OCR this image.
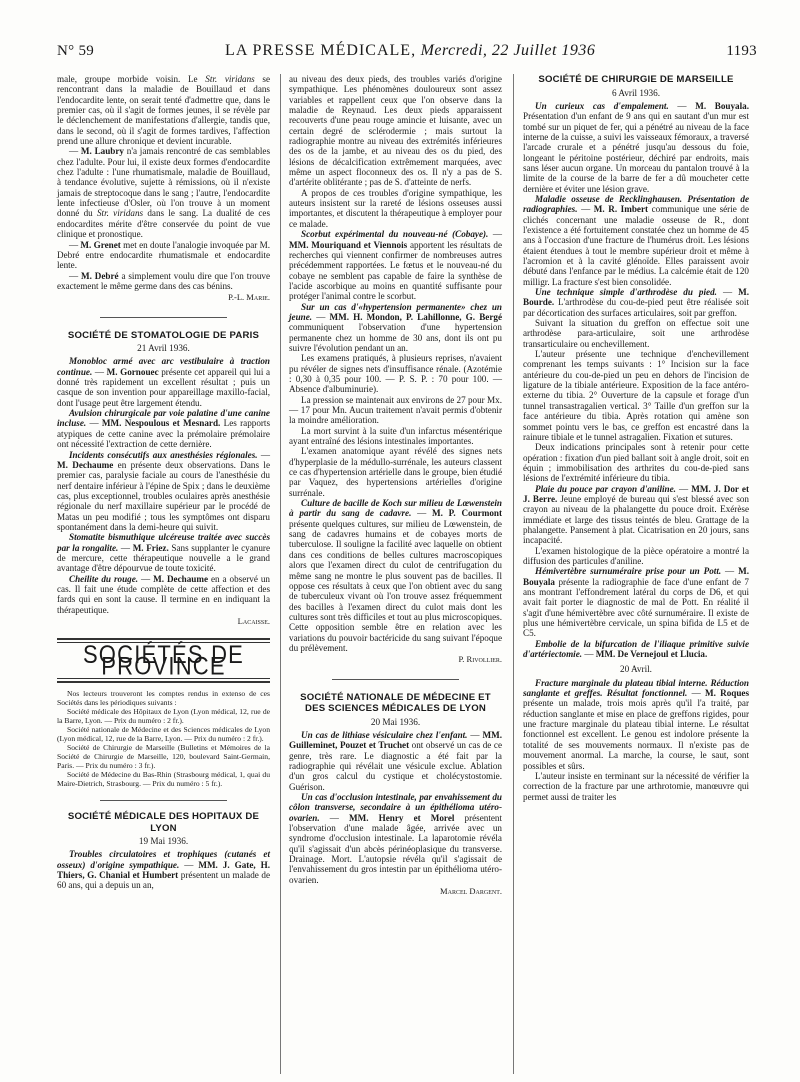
N° 59	LA PRESSE MÉDICALE, Mercredi, 22 Juillet 1936	1193

male, groupe morbide voisin. Le Str. viridans se rencontrant dans la maladie de Bouillaud et dans l'endocardite lente, on serait tenté d'admettre que, dans le premier cas, où il s'agit de formes jeunes, il se révèle par le déclenchement de manifestations d'allergie, tandis que, dans le second, où il s'agit de formes tardives, l'affection prend une allure chronique et devient incurable.

— M. Laubry n'a jamais rencontré de cas semblables chez l'adulte. Pour lui, il existe deux formes d'endocardite chez l'adulte : l'une rhumatismale, maladie de Bouillaud, à tendance évolutive, sujette à rémissions, où il n'existe jamais de streptocoque dans le sang ; l'autre, l'endocardite lente infectieuse d'Osler, où l'on trouve à un moment donné du Str. viridans dans le sang. La dualité de ces endocardites mérite d'être conservée du point de vue clinique et pronostique.

— M. Grenet met en doute l'analogie invoquée par M. Debré entre endocardite rhumatismale et endocardite lente.

— M. Debré a simplement voulu dire que l'on trouve exactement le même germe dans des cas bénins.

P.-L. Marie.
SOCIÉTÉ DE STOMATOLOGIE DE PARIS
21 Avril 1936.

Monobloc armé avec arc vestibulaire à traction continue. — M. Gornouec présente cet appareil qui lui a donné très rapidement un excellent résultat ; puis un casque de son invention pour appareillage maxillo-facial, dont l'usage peut être largement étendu.

Avulsion chirurgicale par voie palatine d'une canine incluse. — MM. Nespoulous et Mesnard. Les rapports atypiques de cette canine avec la prémolaire prémolaire ont nécessité l'extraction de cette dernière.

Incidents consécutifs aux anesthésies régionales. — M. Dechaume en présente deux observations. Dans le premier cas, paralysie faciale au cours de l'anesthésie du nerf dentaire inférieur à l'épine de Spix ; dans le deuxième cas, plus exceptionnel, troubles oculaires après anesthésie régionale du nerf maxillaire supérieur par le procédé de Matas un peu modifié ; tous les symptômes ont disparu spontanément dans la demi-heure qui suivit.

Stomatite bismuthique ulcéreuse traitée avec succès par la rongalite. — M. Friez. Sans supplanter le cyanure de mercure, cette thérapeutique nouvelle a le grand avantage d'être dépourvue de toute toxicité.

Cheilite du rouge. — M. Dechaume en a observé un cas. Il fait une étude complète de cette affection et des fards qui en sont la cause. Il termine en en indiquant la thérapeutique.

Lacaisse.
SOCIÉTÉS DE PROVINCE

Nos lecteurs trouveront les comptes rendus in extenso de ces Sociétés dans les périodiques suivants :

Société médicale des Hôpitaux de Lyon (Lyon médical, 12, rue de la Barre, Lyon. — Prix du numéro : 2 fr.).

Société nationale de Médecine et des Sciences médicales de Lyon (Lyon médical, 12, rue de la Barre, Lyon. — Prix du numéro : 2 fr.).

Société de Chirurgie de Marseille (Bulletins et Mémoires de la Société de Chirurgie de Marseille, 120, boulevard Saint-Germain, Paris. — Prix du numéro : 3 fr.).

Société de Médecine du Bas-Rhin (Strasbourg médical, 1, quai du Maire-Dietrich, Strasbourg. — Prix du numéro : 5 fr.).

SOCIÉTÉ MÉDICALE DES HOPITAUX DE LYON
19 Mai 1936.

Troubles circulatoires et trophiques (cutanés et osseux) d'origine sympathique. — MM. J. Gate, H. Thiers, G. Chanial et Humbert présentent un malade de 60 ans, qui a depuis un an,

au niveau des deux pieds, des troubles variés d'origine sympathique. Les phénomènes douloureux sont assez variables et rappellent ceux que l'on observe dans la maladie de Reynaud. Les deux pieds apparaissent recouverts d'une peau rouge amincie et luisante, avec un certain degré de sclérodermie ; mais surtout la radiographie montre au niveau des extrémités inférieures des os de la jambe, et au niveau des os du pied, des lésions de décalcification extrêmement marquées, avec même un aspect floconneux des os. Il n'y a pas de S. d'artérite oblitérante ; pas de S. d'atteinte de nerfs.

A propos de ces troubles d'origine sympathique, les auteurs insistent sur la rareté de lésions osseuses aussi importantes, et discutent la thérapeutique à employer pour ce malade.

Scorbut expérimental du nouveau-né (Cobaye). — MM. Mouriquand et Viennois apportent les résultats de recherches qui viennent confirmer de nombreuses autres précédemment rapportées. Le fœtus et le nouveau-né du cobaye ne semblent pas capable de faire la synthèse de l'acide ascorbique au moins en quantité suffisante pour protéger l'animal contre le scorbut.

Sur un cas d'«hypertension permanente» chez un jeune. — MM. H. Mondon, P. Lahillonne, G. Bergé communiquent l'observation d'une hypertension permanente chez un homme de 30 ans, dont ils ont pu suivre l'évolution pendant un an.

Les examens pratiqués, à plusieurs reprises, n'avaient pu révéler de signes nets d'insuffisance rénale. (Azotémie : 0,30 à 0,35 pour 100. — P. S. P. : 70 pour 100. — Absence d'albuminurie).

La pression se maintenait aux environs de 27 pour Mx. — 17 pour Mn. Aucun traitement n'avait permis d'obtenir la moindre amélioration.

La mort survint à la suite d'un infarctus mésentérique ayant entraîné des lésions intestinales importantes.

L'examen anatomique ayant révélé des signes nets d'hyperplasie de la médullo-surrénale, les auteurs classent ce cas d'hypertension artérielle dans le groupe, bien étudié par Vaquez, des hypertensions artérielles d'origine surrénale.

Culture de bacille de Koch sur milieu de Lœwenstein à partir du sang de cadavre. — M. P. Courmont présente quelques cultures, sur milieu de Lœwenstein, de sang de cadavres humains et de cobayes morts de tuberculose. Il souligne la facilité avec laquelle on obtient dans ces conditions de belles cultures macroscopiques alors que l'examen direct du culot de centrifugation du même sang ne montre le plus souvent pas de bacilles. Il oppose ces résultats à ceux que l'on obtient avec du sang de tuberculeux vivant où l'on trouve assez fréquemment des bacilles à l'examen direct du culot mais dont les cultures sont très difficiles et tout au plus microscopiques. Cette opposition semble être en relation avec les variations du pouvoir bactéricide du sang suivant l'époque du prélèvement.

P. Rivollier.
SOCIÉTÉ NATIONALE DE MÉDECINE ET DES SCIENCES MÉDICALES DE LYON
20 Mai 1936.

Un cas de lithiase vésiculaire chez l'enfant. — MM. Guilleminet, Pouzet et Truchet ont observé un cas de ce genre, très rare. Le diagnostic a été fait par la radiographie qui révélait une vésicule exclue. Ablation d'un gros calcul du cystique et cholécystostomie. Guérison.

Un cas d'occlusion intestinale, par envahissement du côlon transverse, secondaire à un épithélioma utéro-ovarien. — MM. Henry et Morel présentent l'observation d'une malade âgée, arrivée avec un syndrome d'occlusion intestinale. La laparotomie révéla qu'il s'agissait d'un abcès périnéoplasique du transverse. Drainage. Mort. L'autopsie révéla qu'il s'agissait de l'envahissement du gros intestin par un épithélioma utéro-ovarien.

Marcel Dargent.
SOCIÉTÉ DE CHIRURGIE DE MARSEILLE
6 Avril 1936.

Un curieux cas d'empalement. — M. Bouyala. Présentation d'un enfant de 9 ans qui en sautant d'un mur est tombé sur un piquet de fer, qui a pénétré au niveau de la face interne de la cuisse, a suivi les vaisseaux fémoraux, a traversé l'arcade crurale et a pénétré jusqu'au dessous du foie, longeant le péritoine postérieur, déchiré par endroits, mais sans léser aucun organe. Un morceau du pantalon trouvé à la limite de la course de la barre de fer a dû moucheter cette dernière et éviter une lésion grave.

Maladie osseuse de Recklinghausen. Présentation de radiographies. — M. R. Imbert communique une série de clichés concernant une maladie osseuse de R., dont l'existence a été fortuitement constatée chez un homme de 45 ans à l'occasion d'une fracture de l'humérus droit. Les lésions étaient étendues à tout le membre supérieur droit et même à l'acromion et à la cavité glénoïde. Elles paraissent avoir débuté dans l'enfance par le médius. La calcémie était de 120 milligr. La fracture s'est bien consolidée.

Une technique simple d'arthrodèse du pied. — M. Bourde. L'arthrodèse du cou-de-pied peut être réalisée soit par décortication des surfaces articulaires, soit par greffon.

Suivant la situation du greffon on effectue soit une arthrodèse para-articulaire, soit une arthrodèse transarticulaire ou enchevillement.

L'auteur présente une technique d'enchevillement comprenant les temps suivants : 1° Incision sur la face antérieure du cou-de-pied un peu en dehors de l'incision de ligature de la tibiale antérieure. Exposition de la face antéro-externe du tibia. 2° Ouverture de la capsule et forage d'un tunnel transastragalien vertical. 3° Taille d'un greffon sur la face antérieure du tibia. Après rotation qui amène son sommet pointu vers le bas, ce greffon est encastré dans la rainure tibiale et le tunnel astragalien. Fixation et sutures.

Deux indications principales sont à retenir pour cette opération : fixation d'un pied ballant soit à angle droit, soit en équin ; immobilisation des arthrites du cou-de-pied sans lésions de l'extrémité inférieure du tibia.

Plaie du pouce par crayon d'aniline. — MM. J. Dor et J. Berre. Jeune employé de bureau qui s'est blessé avec son crayon au niveau de la phalangette du pouce droit. Exérèse immédiate et large des tissus teintés de bleu. Grattage de la phalangette. Pansement à plat. Cicatrisation en 20 jours, sans incapacité.

L'examen histologique de la pièce opératoire a montré la diffusion des particules d'aniline.

Hémivertèbre surnuméraire prise pour un Pott. — M. Bouyala présente la radiographie de face d'une enfant de 7 ans montrant l'effondrement latéral du corps de D6, et qui avait fait porter le diagnostic de mal de Pott. En réalité il s'agit d'une hémivertèbre avec côté surnuméraire. Il existe de plus une hémivertèbre cervicale, un spina bifida de L5 et de C5.

Embolie de la bifurcation de l'iliaque primitive suivie d'artériectomie. — MM. De Vernejoul et Llucia.

20 Avril.

Fracture marginale du plateau tibial interne. Réduction sanglante et greffes. Résultat fonctionnel. — M. Roques présente un malade, trois mois après qu'il l'a traité, par réduction sanglante et mise en place de greffons rigides, pour une fracture marginale du plateau tibial interne. Le résultat fonctionnel est excellent. Le genou est indolore présente la totalité de ses mouvements normaux. Il n'existe pas de mouvement anormal. La marche, la course, le saut, sont possibles et sûrs.

L'auteur insiste en terminant sur la nécessité de vérifier la correction de la fracture par une arthrotomie, manœuvre qui permet aussi de traiter les
